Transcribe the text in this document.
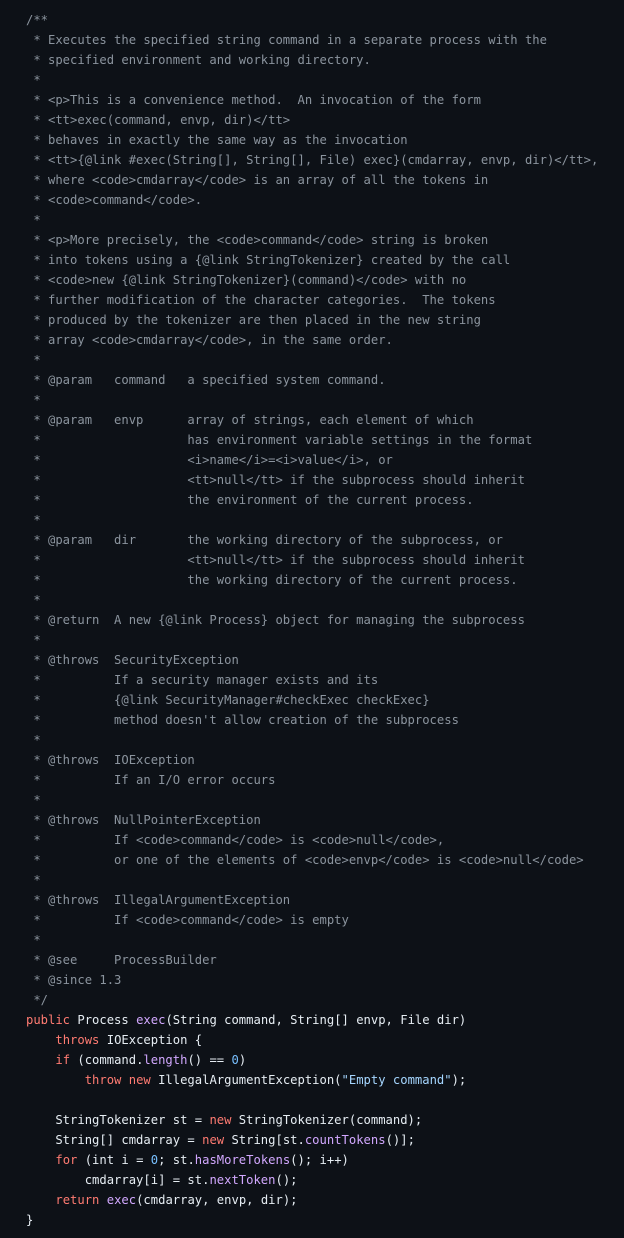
/**
* Executes the specified string command in a separate process with the
* specified environment and working directory.
*
* <p>This is a convenience method.  An invocation of the form
* <tt>exec(command, envp, dir)</tt>
* behaves in exactly the same way as the invocation
* <tt>{@link #exec(String[], String[], File) exec}(cmdarray, envp, dir)</tt>,
* where <code>cmdarray</code> is an array of all the tokens in
* <code>command</code>.
*
* <p>More precisely, the <code>command</code> string is broken
* into tokens using a {@link StringTokenizer} created by the call
* <code>new {@link StringTokenizer}(command)</code> with no
* further modification of the character categories.  The tokens
* produced by the tokenizer are then placed in the new string
* array <code>cmdarray</code>, in the same order.
*
* @param   command   a specified system command.
*
* @param   envp      array of strings, each element of which
*                    has environment variable settings in the format
*                    <i>name</i>=<i>value</i>, or
*                    <tt>null</tt> if the subprocess should inherit
*                    the environment of the current process.
*
* @param   dir       the working directory of the subprocess, or
*                    <tt>null</tt> if the subprocess should inherit
*                    the working directory of the current process.
*
* @return  A new {@link Process} object for managing the subprocess
*
* @throws  SecurityException
*          If a security manager exists and its
*          {@link SecurityManager#checkExec checkExec}
*          method doesn't allow creation of the subprocess
*
* @throws  IOException
*          If an I/O error occurs
*
* @throws  NullPointerException
*          If <code>command</code> is <code>null</code>,
*          or one of the elements of <code>envp</code> is <code>null</code>
*
* @throws  IllegalArgumentException
*          If <code>command</code> is empty
*
* @see     ProcessBuilder
* @since 1.3
*/
public Process exec(String command, String[] envp, File dir)
throws IOException {
if (command.length() == 0)
throw new IllegalArgumentException("Empty command");
StringTokenizer st = new StringTokenizer(command);
String[] cmdarray = new String[st.countTokens()];
for (int i = 0; st.hasMoreTokens(); i++)
cmdarray[i] = st.nextToken();
return exec(cmdarray, envp, dir);
}
